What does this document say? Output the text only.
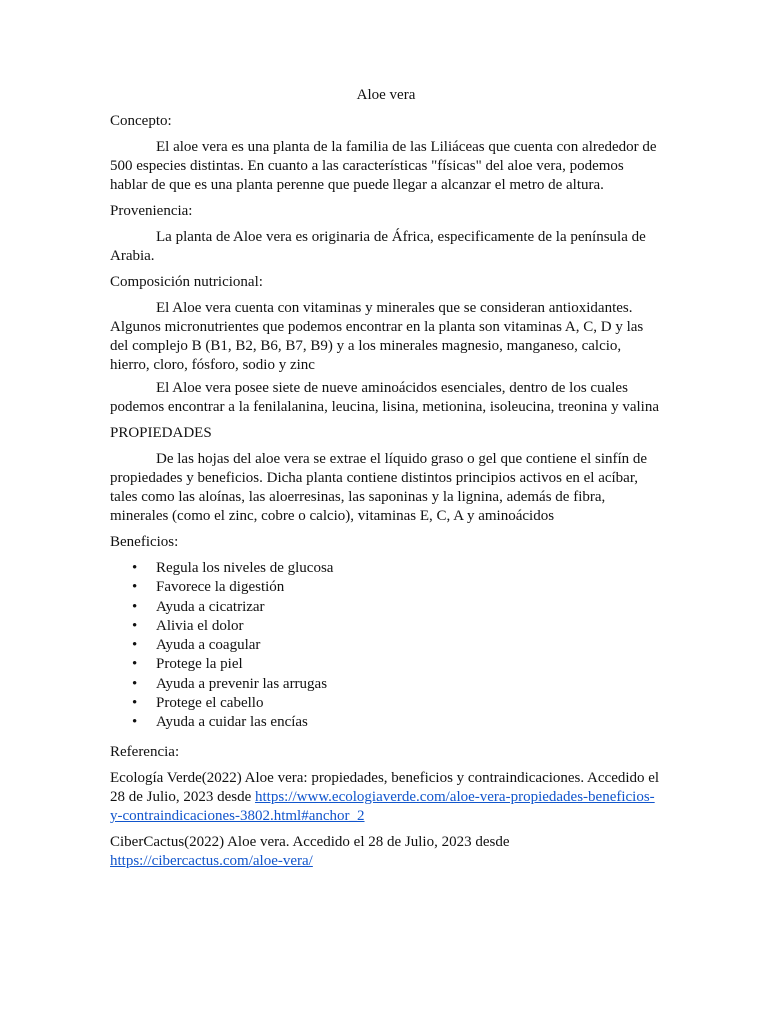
Aloe vera

Concepto:

El aloe vera es una planta de la familia de las Liliáceas que cuenta con alrededor de 500 especies distintas. En cuanto a las características "físicas" del aloe vera, podemos hablar de que es una planta perenne que puede llegar a alcanzar el metro de altura.

Proveniencia:

La planta de Aloe vera es originaria de África, especificamente de la península de Arabia.

Composición nutricional:

El Aloe vera cuenta con vitaminas y minerales que se consideran antioxidantes. Algunos micronutrientes que podemos encontrar en la planta son vitaminas A, C, D y las del complejo B (B1, B2, B6, B7, B9) y a los minerales magnesio, manganeso, calcio, hierro, cloro, fósforo, sodio y zinc

El Aloe vera posee siete de nueve aminoácidos esenciales, dentro de los cuales podemos encontrar a la fenilalanina, leucina, lisina, metionina, isoleucina, treonina y valina

PROPIEDADES

De las hojas del aloe vera se extrae el líquido graso o gel que contiene el sinfín de propiedades y beneficios. Dicha planta contiene distintos principios activos en el acíbar, tales como las aloínas, las aloerresinas, las saponinas y la lignina, además de fibra, minerales (como el zinc, cobre o calcio), vitaminas E, C, A y aminoácidos

Beneficios:

• Regula los niveles de glucosa
• Favorece la digestión
• Ayuda a cicatrizar
• Alivia el dolor
• Ayuda a coagular
• Protege la piel
• Ayuda a prevenir las arrugas
• Protege el cabello
• Ayuda a cuidar las encías

Referencia:

Ecología Verde(2022) Aloe vera: propiedades, beneficios y contraindicaciones. Accedido el 28 de Julio, 2023 desde https://www.ecologiaverde.com/aloe-vera-propiedades-beneficios-y-contraindicaciones-3802.html#anchor_2

CiberCactus(2022) Aloe vera. Accedido el 28 de Julio, 2023 desde https://cibercactus.com/aloe-vera/
